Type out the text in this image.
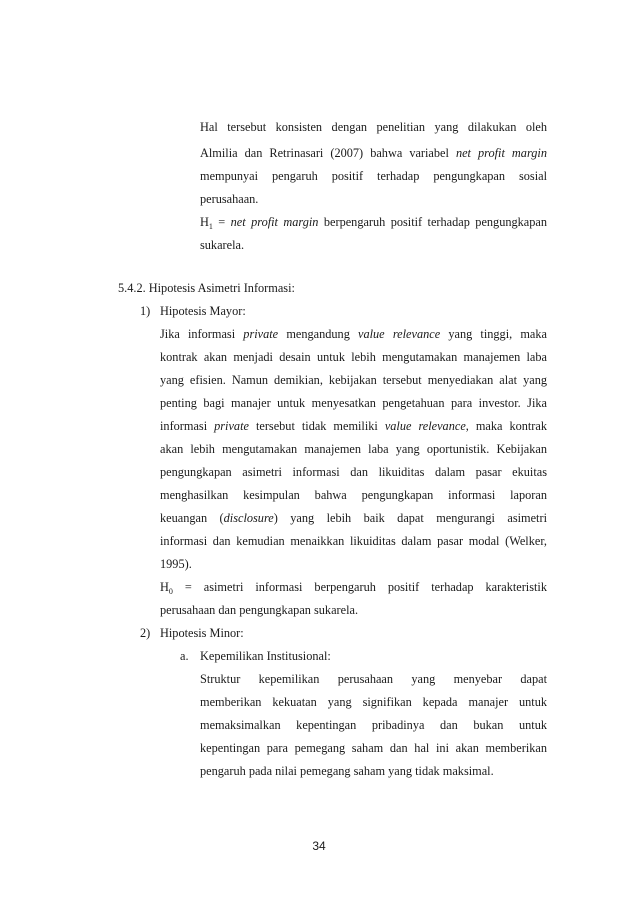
Hal tersebut konsisten dengan penelitian yang dilakukan oleh
Almilia dan Retrinasari (2007) bahwa variabel net profit margin
mempunyai pengaruh positif terhadap pengungkapan sosial
perusahaan.
$H_1$ = net profit margin berpengaruh positif terhadap pengungkapan
sukarela.
5.4.2. Hipotesis Asimetri Informasi:
1) Hipotesis Mayor:
Jika informasi private mengandung value relevance yang tinggi, maka
kontrak akan menjadi desain untuk lebih mengutamakan manajemen laba
yang efisien. Namun demikian, kebijakan tersebut menyediakan alat yang
penting bagi manajer untuk menyesatkan pengetahuan para investor. Jika
informasi private tersebut tidak memiliki value relevance, maka kontrak
akan lebih mengutamakan manajemen laba yang oportunistik. Kebijakan
pengungkapan asimetri informasi dan likuiditas dalam pasar ekuitas
menghasilkan kesimpulan bahwa pengungkapan informasi laporan
keuangan (disclosure) yang lebih baik dapat mengurangi asimetri
informasi dan kemudian menaikkan likuiditas dalam pasar modal (Welker,
1995).
$H_0$ = asimetri informasi berpengaruh positif terhadap karakteristik
perusahaan dan pengungkapan sukarela.
2) Hipotesis Minor:
a. Kepemilikan Institusional:
Struktur kepemilikan perusahaan yang menyebar dapat
memberikan kekuatan yang signifikan kepada manajer untuk
memaksimalkan kepentingan pribadinya dan bukan untuk
kepentingan para pemegang saham dan hal ini akan memberikan
pengaruh pada nilai pemegang saham yang tidak maksimal.
34
